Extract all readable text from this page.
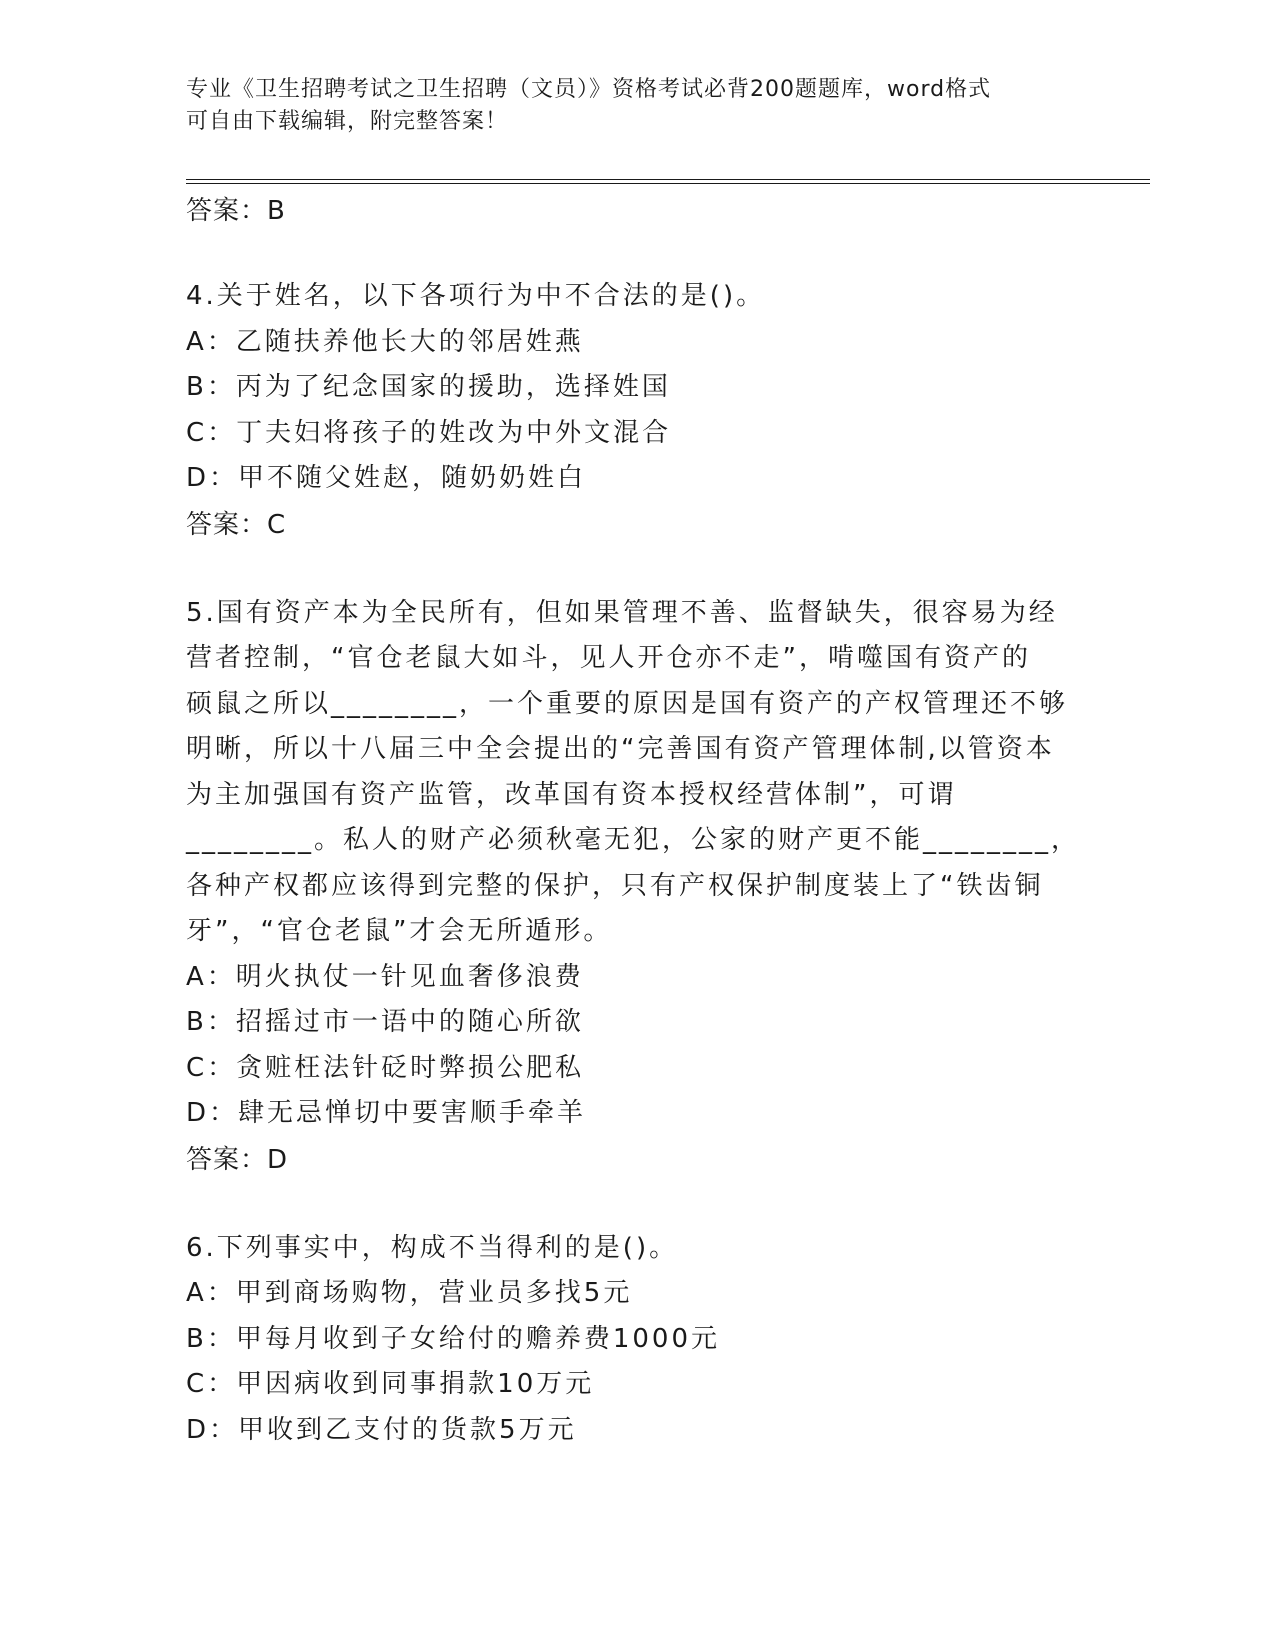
专业《卫生招聘考试之卫生招聘（文员）》资格考试必背200题题库，word格式
可自由下载编辑，附完整答案！

答案：B

4.关于姓名，以下各项行为中不合法的是()。

A：乙随扶养他长大的邻居姓燕

B：丙为了纪念国家的援助，选择姓国

C：丁夫妇将孩子的姓改为中外文混合

D：甲不随父姓赵，随奶奶姓白

答案：C

5.国有资产本为全民所有，但如果管理不善、监督缺失，很容易为经

营者控制，“官仓老鼠大如斗，见人开仓亦不走”，啃噬国有资产的

硕鼠之所以________，一个重要的原因是国有资产的产权管理还不够

明晰，所以十八届三中全会提出的“完善国有资产管理体制,以管资本

为主加强国有资产监管，改革国有资本授权经营体制”，可谓

________。私人的财产必须秋毫无犯，公家的财产更不能________，

各种产权都应该得到完整的保护，只有产权保护制度装上了“铁齿铜

牙”，“官仓老鼠”才会无所遁形。

A：明火执仗一针见血奢侈浪费

B：招摇过市一语中的随心所欲

C：贪赃枉法针砭时弊损公肥私

D：肆无忌惮切中要害顺手牵羊

答案：D

6.下列事实中，构成不当得利的是()。

A：甲到商场购物，营业员多找5元

B：甲每月收到子女给付的赡养费1000元

C：甲因病收到同事捐款10万元

D：甲收到乙支付的货款5万元
